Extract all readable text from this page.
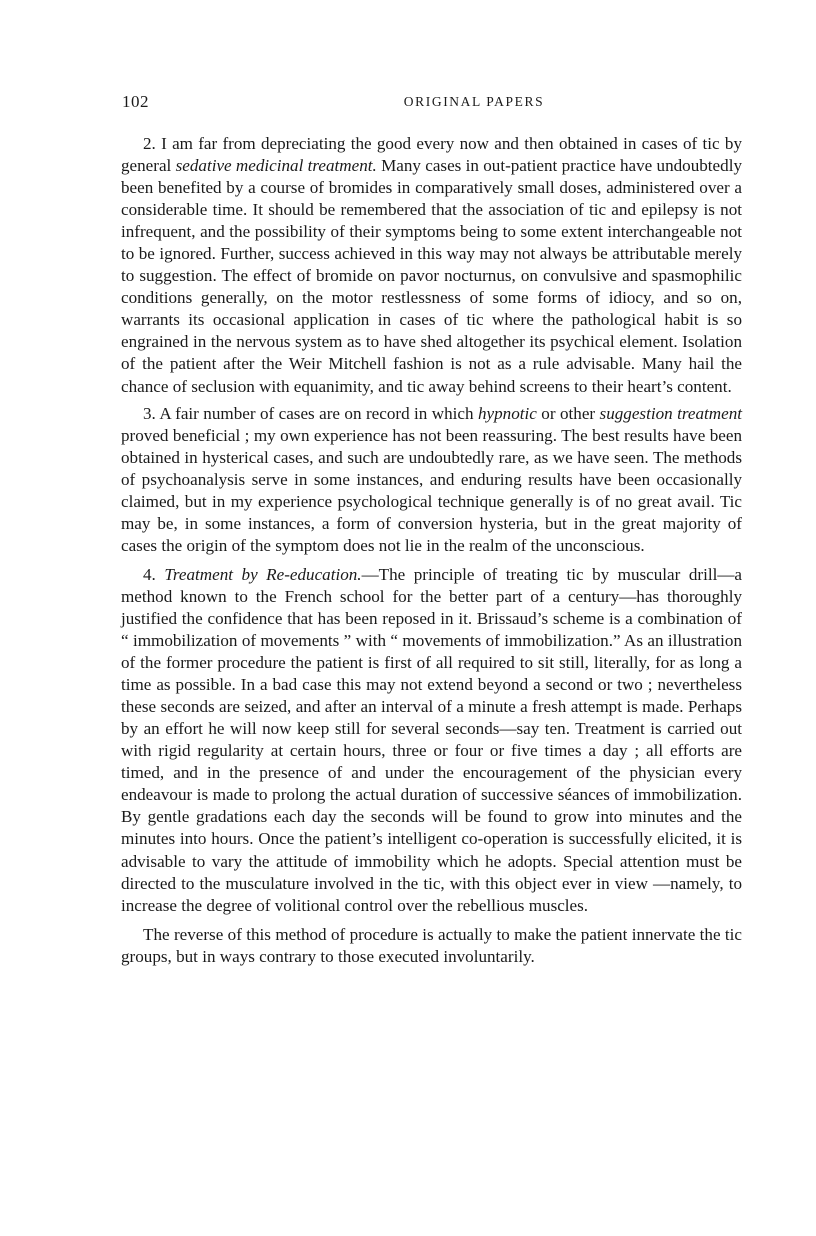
102	ORIGINAL PAPERS

2. I am far from depreciating the good every now and then obtained in cases of tic by general sedative medicinal treatment. Many cases in out-patient practice have undoubtedly been benefited by a course of bromides in comparatively small doses, administered over a considerable time. It should be remembered that the association of tic and epilepsy is not infrequent, and the possibility of their symptoms being to some extent interchangeable not to be ignored. Further, success achieved in this way may not always be attributable merely to suggestion. The effect of bromide on pavor nocturnus, on convulsive and spasmophilic conditions generally, on the motor restlessness of some forms of idiocy, and so on, warrants its occasional application in cases of tic where the pathological habit is so engrained in the nervous system as to have shed altogether its psychical element. Isolation of the patient after the Weir Mitchell fashion is not as a rule advisable. Many hail the chance of seclusion with equanimity, and tic away behind screens to their heart’s content.

3. A fair number of cases are on record in which hypnotic or other suggestion treatment proved beneficial ; my own experience has not been reassuring. The best results have been obtained in hysterical cases, and such are undoubtedly rare, as we have seen. The methods of psychoanalysis serve in some instances, and enduring results have been occasionally claimed, but in my experience psychological technique generally is of no great avail. Tic may be, in some instances, a form of conversion hysteria, but in the great majority of cases the origin of the symptom does not lie in the realm of the unconscious.

4. Treatment by Re-education.—The principle of treating tic by muscular drill—a method known to the French school for the better part of a century—has thoroughly justified the confidence that has been reposed in it. Brissaud’s scheme is a combination of “ immobilization of movements ” with “ movements of immobilization.” As an illustration of the former procedure the patient is first of all required to sit still, literally, for as long a time as possible. In a bad case this may not extend beyond a second or two ; nevertheless these seconds are seized, and after an interval of a minute a fresh attempt is made. Perhaps by an effort he will now keep still for several seconds—say ten. Treatment is carried out with rigid regularity at certain hours, three or four or five times a day ; all efforts are timed, and in the presence of and under the encouragement of the physician every endeavour is made to prolong the actual duration of successive séances of immobilization. By gentle gradations each day the seconds will be found to grow into minutes and the minutes into hours. Once the patient’s intelligent co-operation is successfully elicited, it is advisable to vary the attitude of immobility which he adopts. Special attention must be directed to the musculature involved in the tic, with this object ever in view —namely, to increase the degree of volitional control over the rebellious muscles.

The reverse of this method of procedure is actually to make the patient innervate the tic groups, but in ways contrary to those executed involuntarily.
